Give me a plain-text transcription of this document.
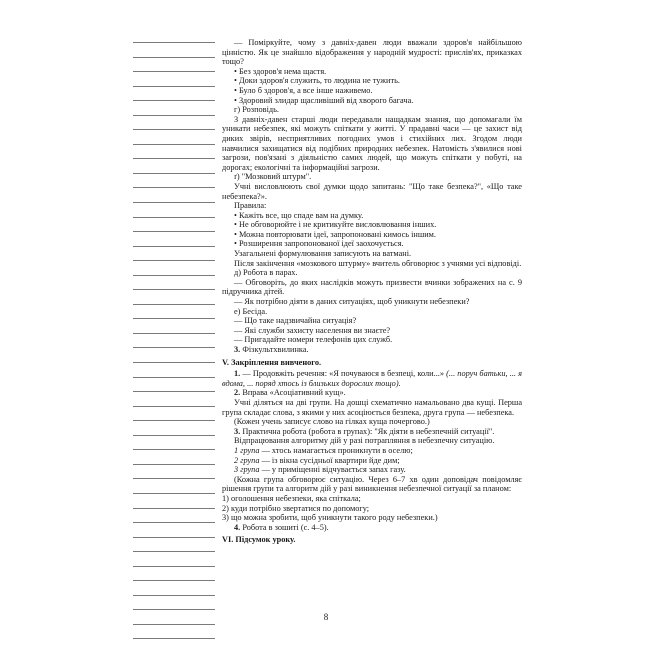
— Поміркуйте, чому з давніх-давен люди вважали здоров'я найбільшою цінністю. Як це знайшло відображення у народній мудрості: прислів'ях, приказках тощо?

• Без здоров'я нема щастя.

• Доки здоров'я служить, то людина не тужить.

• Було б здоров'я, а все інше наживемо.

• Здоровий злидар щасливіший від хворого багача.

г) Розповідь.

З давніх-давен старші люди передавали нащадкам знання, що допомагали їм уникати небезпек, які можуть спіткати у житті. У прадавні часи — це захист від диких звірів, несприятливих погодних умов і стихійних лих. Згодом люди навчилися захищатися від подібних природних небезпек. Натомість з'явилися нові загрози, пов'язані з діяльністю самих людей, що можуть спіткати у побуті, на дорогах; екологічні та інформаційні загрози.

ґ) "Мозковий штурм".

Учні висловлюють свої думки щодо запитань: "Що таке безпека?", «Що таке небезпека?».

Правила:

• Кажіть все, що спаде вам на думку.

• Не обговорюйте і не критикуйте висловлювання інших.

• Можна повторювати ідеї, запропоновані кимось іншим.

• Розширення запропонованої ідеї заохочується.

Узагальнені формулювання записують на ватмані.

Після закінчення «мозкового штурму» вчитель обговорює з учнями усі відповіді.

д) Робота в парах.

— Обговоріть, до яких наслідків можуть призвести вчинки зображених на с. 9 підручника дітей.

— Як потрібно діяти в даних ситуаціях, щоб уникнути небезпеки?

е) Бесіда.

— Що таке надзвичайна ситуація?

— Які служби захисту населення ви знаєте?

— Пригадайте номери телефонів цих служб.

3. Фізкультхвилинка.

V. Закріплення вивченого.

1. — Продовжіть речення: «Я почуваюся в безпеці, коли...» (... поруч батьки, ... я вдома, ... поряд хтось із близьких дорослих тощо).

2. Вправа «Асоціативний кущ».

Учні діляться на дві групи. На дошці схематично намальовано два кущі. Перша група складає слова, з якими у них асоціюється безпека, друга група — небезпека.

(Кожен учень записує слово на гілках куща почергово.)

3. Практична робота (робота в групах): "Як діяти в небезпечній ситуації".

Відпрацювання алгоритму дій у разі потрапляння в небезпечну ситуацію.

1 група — хтось намагається проникнути в оселю;

2 група — із вікна сусідньої квартири йде дим;

3 група — у приміщенні відчувається запах газу.

(Кожна група обговорює ситуацію. Через 6–7 хв один доповідач повідомляє рішення групи та алгоритм дій у разі виникнення небезпечної ситуації за планом:

1) оголошення небезпеки, яка спіткала;

2) куди потрібно звертатися по допомогу;

3) що можна зробити, щоб уникнути такого роду небезпеки.)

4. Робота в зошиті (с. 4–5).

VI. Підсумок уроку.

8
